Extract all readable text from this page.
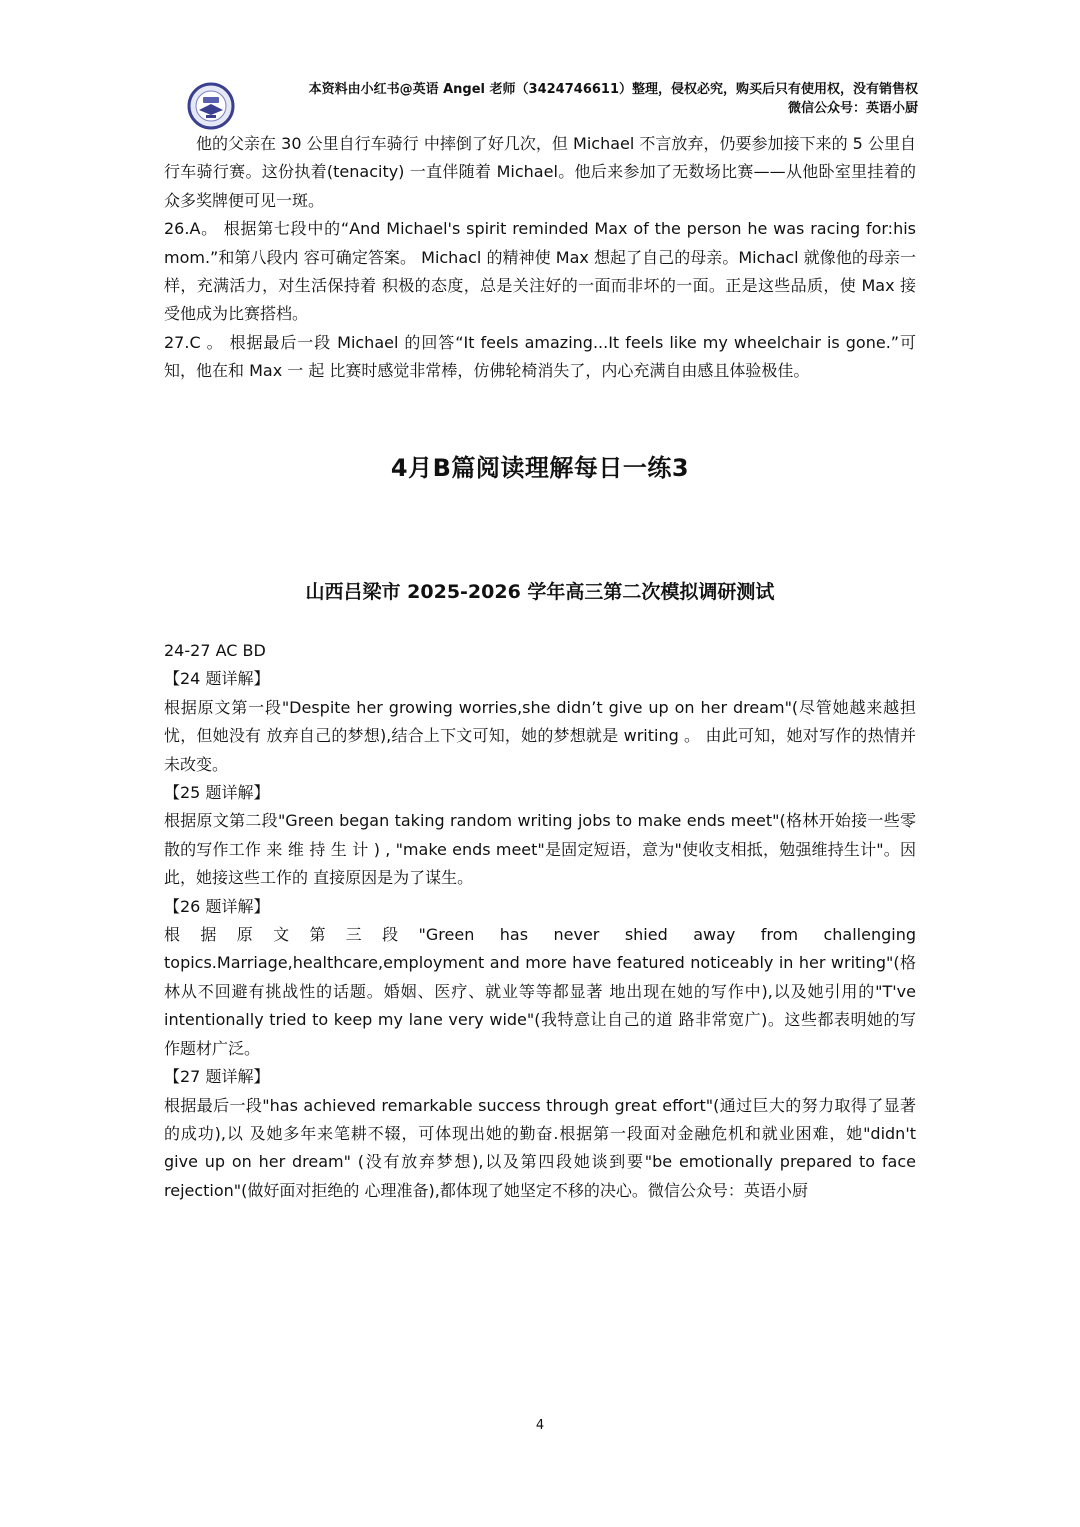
本资料由小红书@英语 Angel 老师（3424746611）整理，侵权必究，购买后只有使用权，没有销售权
微信公众号：英语小厨

他的父亲在 30 公里自行车骑行 中摔倒了好几次，但 Michael 不言放弃，仍要参加接下来的 5 公里自行车骑行赛。这份执着(tenacity) 一直伴随着 Michael。他后来参加了无数场比赛——从他卧室里挂着的众多奖牌便可见一斑。

26.A。 根据第七段中的“And Michael's spirit reminded Max of the person he was racing for:his mom.”和第八段内 容可确定答案。 Michacl 的精神使 Max 想起了自己的母亲。Michacl 就像他的母亲一样，充满活力，对生活保持着 积极的态度，总是关注好的一面而非坏的一面。正是这些品质，使 Max 接受他成为比赛搭档。

27.C 。 根据最后一段 Michael 的回答“It feels amazing...It feels like my wheelchair is gone.”可知，他在和 Max 一 起 比赛时感觉非常棒，仿佛轮椅消失了，内心充满自由感且体验极佳。

4月B篇阅读理解每日一练3
山西吕梁市 2025-2026 学年高三第二次模拟调研测试

24-27 AC BD

【24 题详解】

根据原文第一段"Despite her growing worries,she didn’t give up on her dream"(尽管她越来越担忧，但她没有 放弃自己的梦想),结合上下文可知，她的梦想就是 writing 。 由此可知，她对写作的热情并未改变。

【25 题详解】

根据原文第二段"Green began taking random writing jobs to make ends meet"(格林开始接一些零散的写作工作 来 维 持 生 计 ) , "make ends meet"是固定短语，意为"使收支相抵，勉强维持生计"。因此，她接这些工作的 直接原因是为了谋生。

【26 题详解】

根据原文第三段"Green has never shied away from challenging topics.Marriage,healthcare,employment and more have featured noticeably in her writing"(格林从不回避有挑战性的话题。婚姻、医疗、就业等等都显著 地出现在她的写作中),以及她引用的"T've intentionally tried to keep my lane very wide"(我特意让自己的道 路非常宽广)。这些都表明她的写作题材广泛。

【27 题详解】

根据最后一段"has achieved remarkable success through great effort"(通过巨大的努力取得了显著的成功),以 及她多年来笔耕不辍，可体现出她的勤奋.根据第一段面对金融危机和就业困难，她"didn't give up on her dream" (没有放弃梦想),以及第四段她谈到要"be emotionally prepared to face rejection"(做好面对拒绝的 心理准备),都体现了她坚定不移的决心。微信公众号：英语小厨

4
